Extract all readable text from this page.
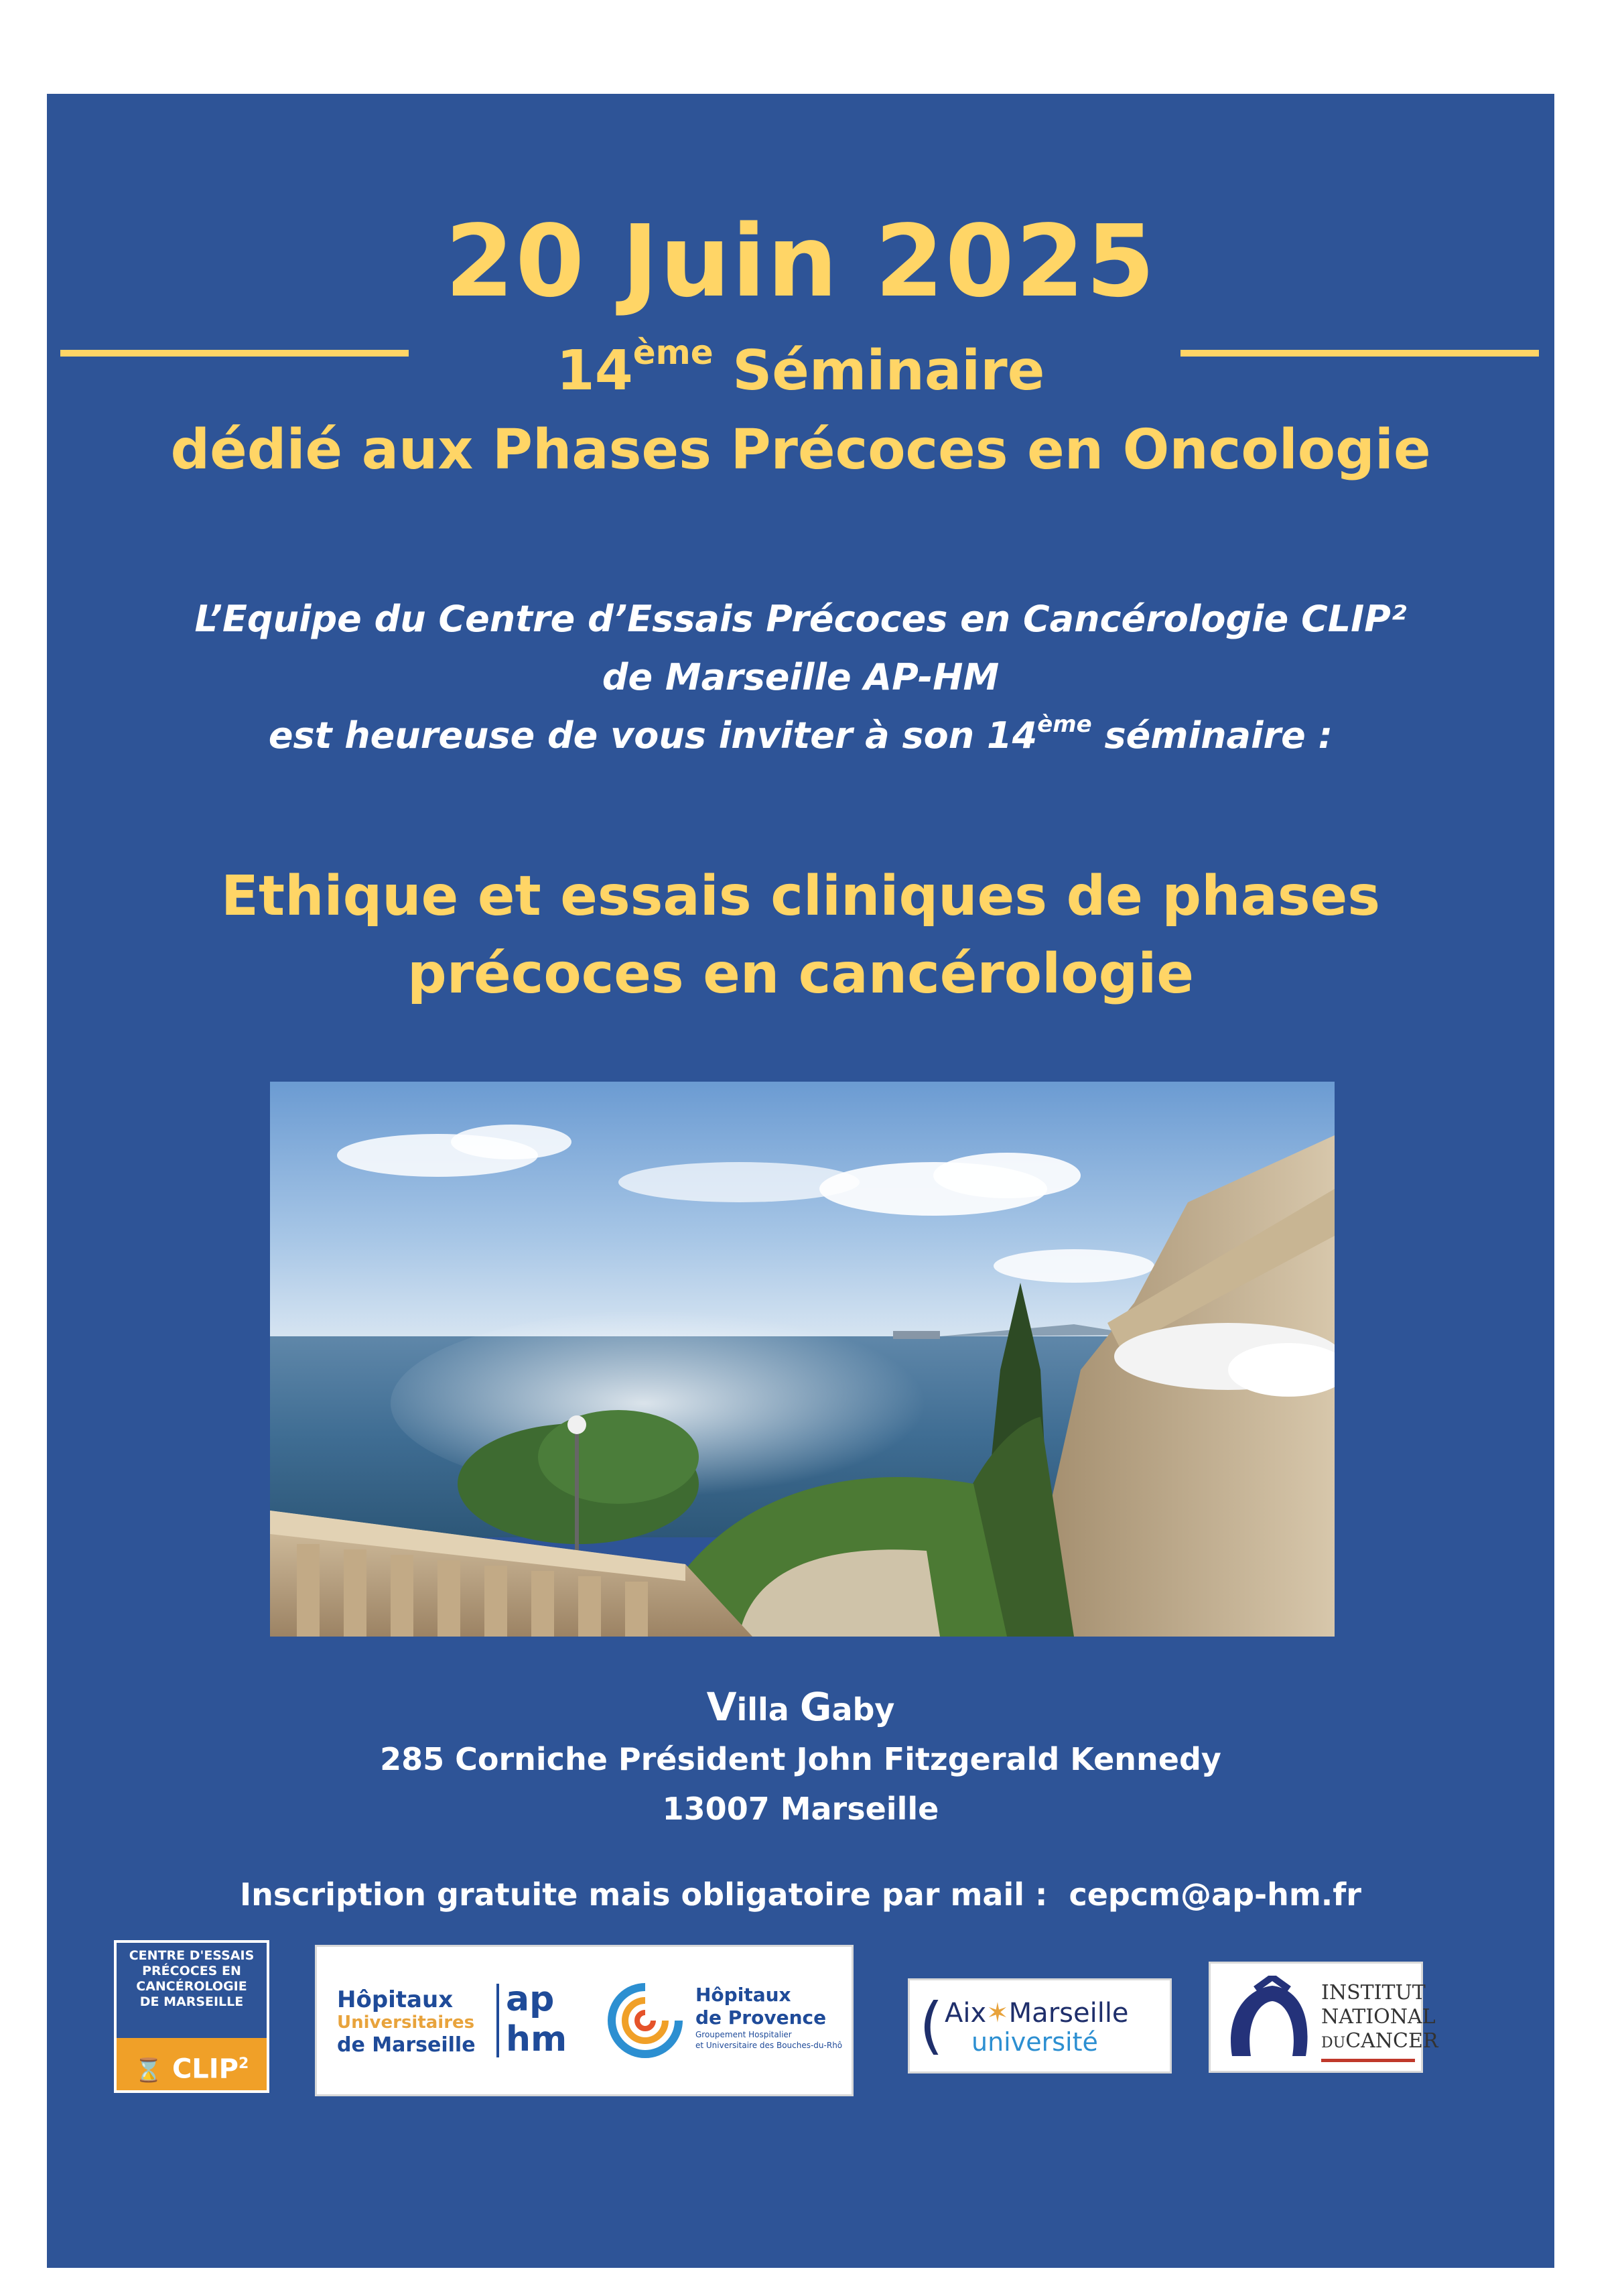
20 Juin 2025
14ème Séminaire
dédié aux Phases Précoces en Oncologie
L’Equipe du Centre d’Essais Précoces en Cancérologie CLIP²
de Marseille AP-HM
est heureuse de vous inviter à son 14ème séminaire :
Ethique et essais cliniques de phases
précoces en cancérologie
Villa Gaby
285 Corniche Président John Fitzgerald Kennedy
13007 Marseille
Inscription gratuite mais obligatoire par mail : cepcm@ap-hm.fr
CENTRE D'ESSAIS
PRÉCOCES EN
CANCÉROLOGIE
DE MARSEILLE
⌛ CLIP$^2$
Hôpitaux
Universitaires
de Marseille
ap
hm
Hôpitaux
de Provence
Groupement Hospitalier
et Universitaire des Bouches-du-Rhô ( Aix✶Marseille
université
INSTITUT
NATIONAL
DUCANCER
